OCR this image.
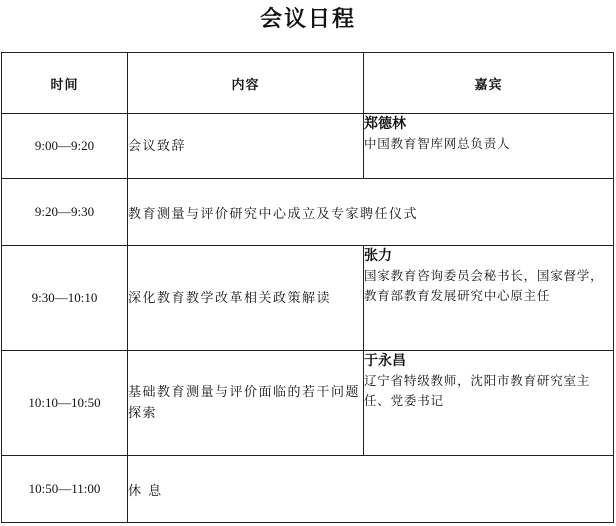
会议日程
时间	内容	嘉宾
9:00—9:20	会议致辞	郑德林
中国教育智库网总负责人

9:20—9:30	教育测量与评价研究中心成立及专家聘任仪式	
9:30—10:10	深化教育教学改革相关政策解读	张力
国家教育咨询委员会秘书长，国家督学，教育部教育发展研究中心原主任

10:10—10:50	基础教育测量与评价面临的若干问题探索	于永昌
辽宁省特级教师，沈阳市教育研究室主任、党委书记

10:50—11:00	休 息	
